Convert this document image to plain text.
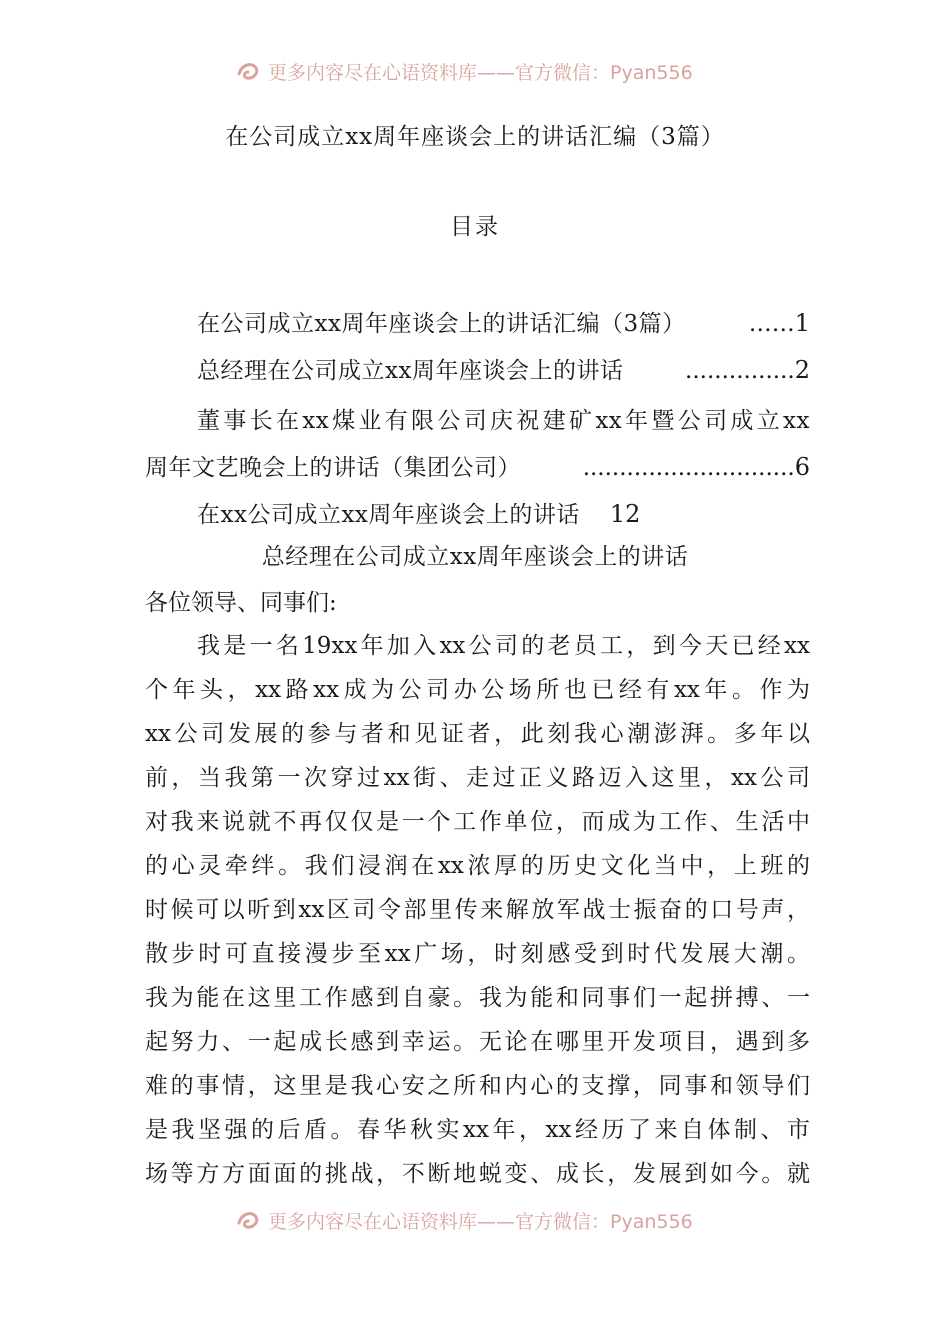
更多内容尽在心语资料库——官方微信：Pyan556
在公司成立xx周年座谈会上的讲话汇编（3篇）
目录
在公司成立xx周年座谈会上的讲话汇编（3篇）	…… 1
总经理在公司成立xx周年座谈会上的讲话	............... 2
董事长在xx煤业有限公司庆祝建矿xx年暨公司成立xx
周年文艺晚会上的讲话（集团公司）	............................. 6
在xx公司成立xx周年座谈会上的讲话 12
总经理在公司成立xx周年座谈会上的讲话
各位领导、同事们:
我是一名19xx年加入xx公司的老员工，到今天已经xx
个年头，xx路xx成为公司办公场所也已经有xx年。作为
xx公司发展的参与者和见证者，此刻我心潮澎湃。多年以
前，当我第一次穿过xx街、走过正义路迈入这里，xx公司
对我来说就不再仅仅是一个工作单位，而成为工作、生活中
的心灵牵绊。我们浸润在xx浓厚的历史文化当中，上班的
时候可以听到xx区司令部里传来解放军战士振奋的口号声，
散步时可直接漫步至xx广场，时刻感受到时代发展大潮。
我为能在这里工作感到自豪。我为能和同事们一起拼搏、一
起努力、一起成长感到幸运。无论在哪里开发项目，遇到多
难的事情，这里是我心安之所和内心的支撑，同事和领导们
是我坚强的后盾。春华秋实xx年，xx经历了来自体制、市
场等方方面面的挑战，不断地蜕变、成长，发展到如今。就
更多内容尽在心语资料库——官方微信：Pyan556
